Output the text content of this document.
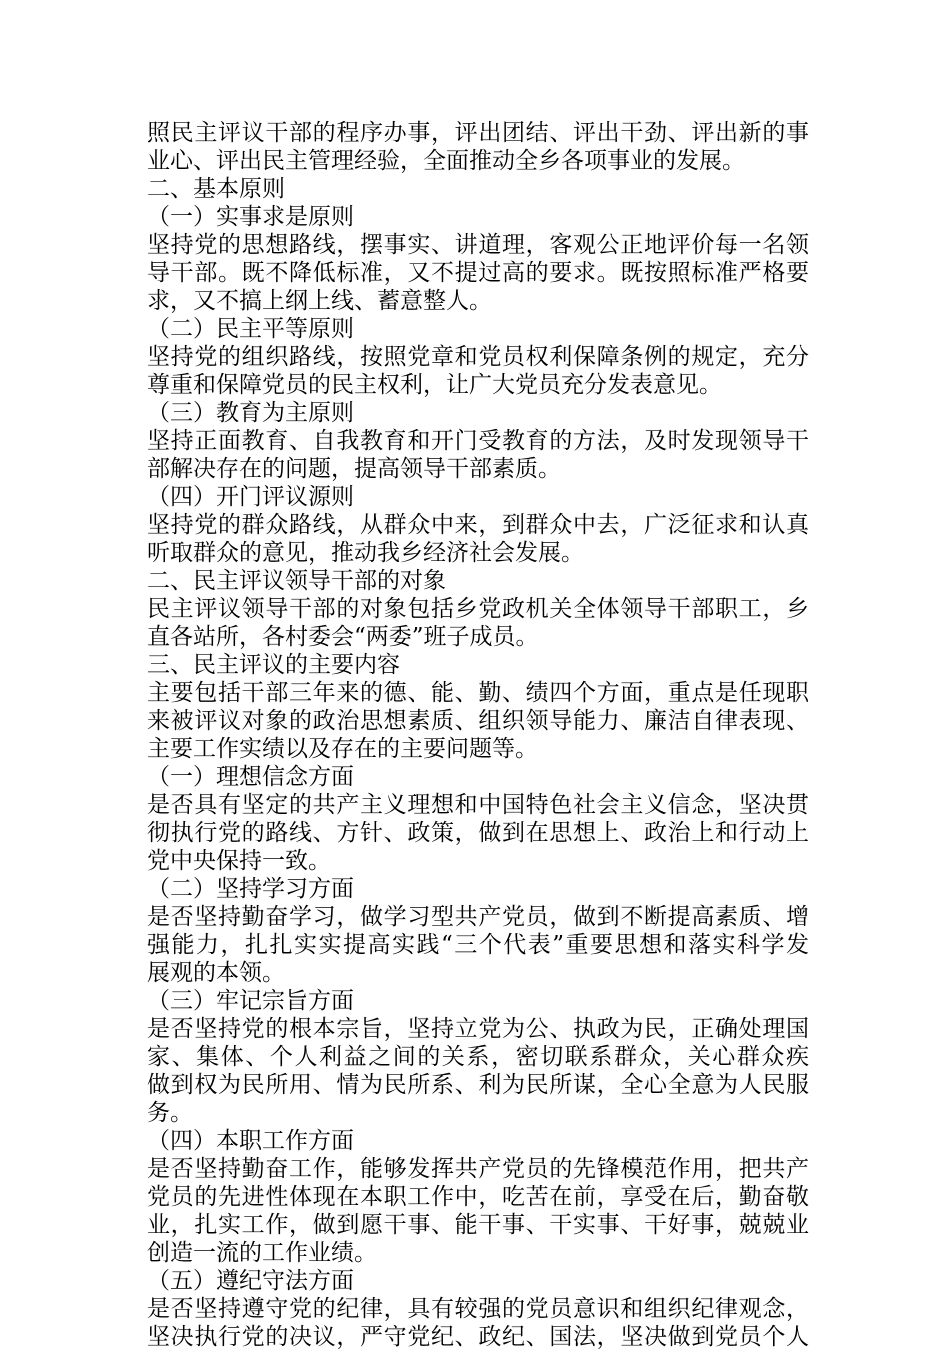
照民主评议干部的程序办事，评出团结、评出干劲、评出新的事
业心、评出民主管理经验，全面推动全乡各项事业的发展。
二、基本原则
（一）实事求是原则
坚持党的思想路线，摆事实、讲道理，客观公正地评价每一名领
导干部。既不降低标准，又不提过高的要求。既按照标准严格要
求，又不搞上纲上线、蓄意整人。
（二）民主平等原则
坚持党的组织路线，按照党章和党员权利保障条例的规定，充分
尊重和保障党员的民主权利，让广大党员充分发表意见。
（三）教育为主原则
坚持正面教育、自我教育和开门受教育的方法，及时发现领导干
部解决存在的问题，提高领导干部素质。
（四）开门评议源则
坚持党的群众路线，从群众中来，到群众中去，广泛征求和认真
听取群众的意见，推动我乡经济社会发展。
二、民主评议领导干部的对象
民主评议领导干部的对象包括乡党政机关全体领导干部职工，乡
直各站所，各村委会“两委”班子成员。
三、民主评议的主要内容
主要包括干部三年来的德、能、勤、绩四个方面，重点是任现职
来被评议对象的政治思想素质、组织领导能力、廉洁自律表现、
主要工作实绩以及存在的主要问题等。
（一）理想信念方面
是否具有坚定的共产主义理想和中国特色社会主义信念，坚决贯
彻执行党的路线、方针、政策，做到在思想上、政治上和行动上
党中央保持一致。
（二）坚持学习方面
是否坚持勤奋学习，做学习型共产党员，做到不断提高素质、增
强能力，扎扎实实提高实践“三个代表”重要思想和落实科学发
展观的本领。
（三）牢记宗旨方面
是否坚持党的根本宗旨，坚持立党为公、执政为民，正确处理国
家、集体、个人利益之间的关系，密切联系群众，关心群众疾
做到权为民所用、情为民所系、利为民所谋，全心全意为人民服
务。
（四）本职工作方面
是否坚持勤奋工作，能够发挥共产党员的先锋模范作用，把共产
党员的先进性体现在本职工作中，吃苦在前，享受在后，勤奋敬
业，扎实工作，做到愿干事、能干事、干实事、干好事，兢兢业
创造一流的工作业绩。
（五）遵纪守法方面
是否坚持遵守党的纪律，具有较强的党员意识和组织纪律观念，
坚决执行党的决议，严守党纪、政纪、国法，坚决做到党员个人
